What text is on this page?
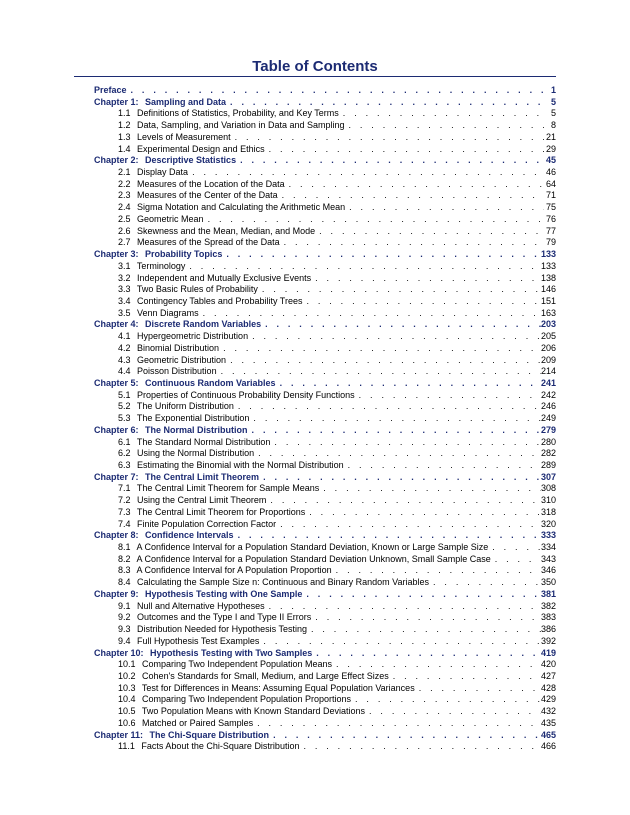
Table of Contents
Preface . . .	1
Chapter 1: Sampling and Data . . .	5
1.1 Definitions of Statistics, Probability, and Key Terms . . .	5
1.2 Data, Sampling, and Variation in Data and Sampling . . .	8
1.3 Levels of Measurement . . .	21
1.4 Experimental Design and Ethics . . .	29
Chapter 2: Descriptive Statistics . . .	45
2.1 Display Data . . .	46
2.2 Measures of the Location of the Data . . .	64
2.3 Measures of the Center of the Data . . .	71
2.4 Sigma Notation and Calculating the Arithmetic Mean . . .	75
2.5 Geometric Mean . . .	76
2.6 Skewness and the Mean, Median, and Mode . . .	77
2.7 Measures of the Spread of the Data . . .	79
Chapter 3: Probability Topics . . .	133
3.1 Terminology . . .	133
3.2 Independent and Mutually Exclusive Events . . .	138
3.3 Two Basic Rules of Probability . . .	146
3.4 Contingency Tables and Probability Trees . . .	151
3.5 Venn Diagrams . . .	163
Chapter 4: Discrete Random Variables . . .	203
4.1 Hypergeometric Distribution . . .	205
4.2 Binomial Distribution . . .	206
4.3 Geometric Distribution . . .	209
4.4 Poisson Distribution . . .	214
Chapter 5: Continuous Random Variables . . .	241
5.1 Properties of Continuous Probability Density Functions . . .	242
5.2 The Uniform Distribution . . .	246
5.3 The Exponential Distribution . . .	249
Chapter 6: The Normal Distribution . . .	279
6.1 The Standard Normal Distribution . . .	280
6.2 Using the Normal Distribution . . .	282
6.3 Estimating the Binomial with the Normal Distribution . . .	289
Chapter 7: The Central Limit Theorem . . .	307
7.1 The Central Limit Theorem for Sample Means . . .	308
7.2 Using the Central Limit Theorem . . .	310
7.3 The Central Limit Theorem for Proportions . . .	318
7.4 Finite Population Correction Factor . . .	320
Chapter 8: Confidence Intervals . . .	333
8.1 A Confidence Interval for a Population Standard Deviation, Known or Large Sample Size . . .	334
8.2 A Confidence Interval for a Population Standard Deviation Unknown, Small Sample Case . . .	343
8.3 A Confidence Interval for A Population Proportion . . .	346
8.4 Calculating the Sample Size n: Continuous and Binary Random Variables . . .	350
Chapter 9: Hypothesis Testing with One Sample . . .	381
9.1 Null and Alternative Hypotheses . . .	382
9.2 Outcomes and the Type I and Type II Errors . . .	383
9.3 Distribution Needed for Hypothesis Testing . . .	386
9.4 Full Hypothesis Test Examples . . .	392
Chapter 10: Hypothesis Testing with Two Samples . . .	419
10.1 Comparing Two Independent Population Means . . .	420
10.2 Cohen's Standards for Small, Medium, and Large Effect Sizes . . .	427
10.3 Test for Differences in Means: Assuming Equal Population Variances . . .	428
10.4 Comparing Two Independent Population Proportions . . .	429
10.5 Two Population Means with Known Standard Deviations . . .	432
10.6 Matched or Paired Samples . . .	435
Chapter 11: The Chi-Square Distribution . . .	465
11.1 Facts About the Chi-Square Distribution . . .	466
